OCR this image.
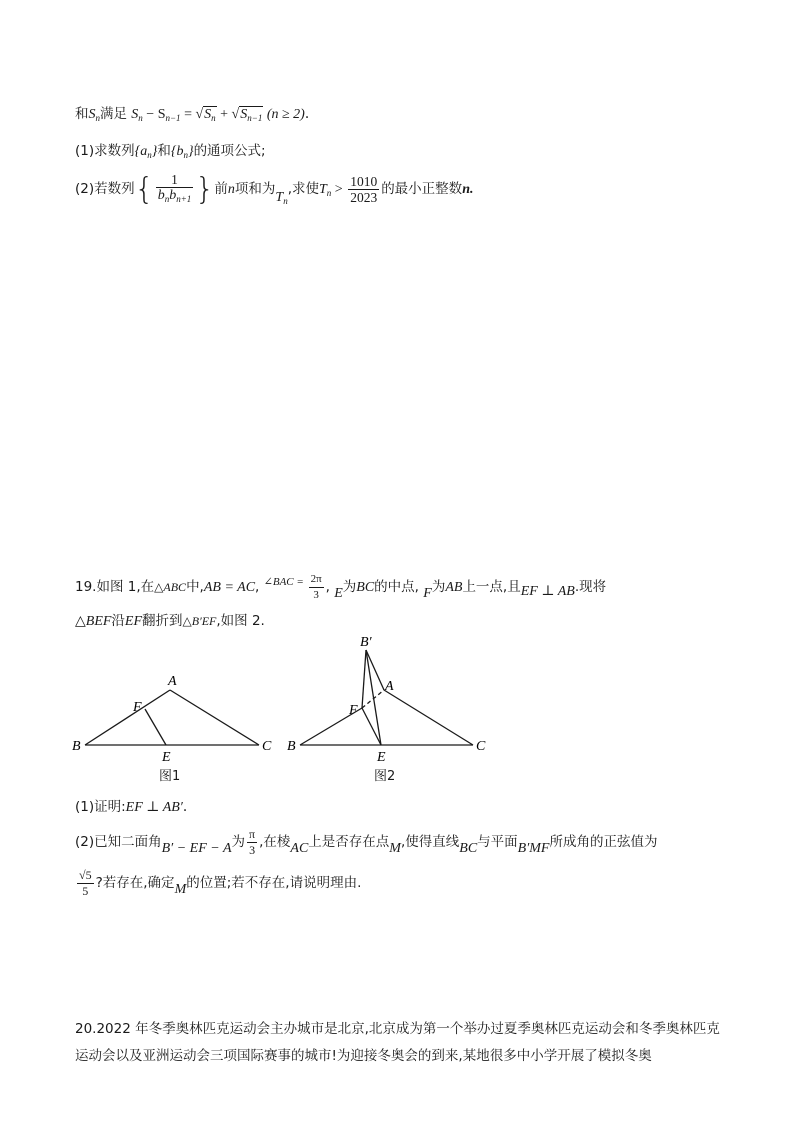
和$S_n$满足 $S_n - S_{n-1} = √S_n + √S_{n-1}$ (n ≥ 2).
(1)求数列$\{a_n\}$和$\{b_n\}$的通项公式;
(2)若数列{ $\frac{1}{b_nb_{n+1}}$ }前n项和为$T_n$,求使$T_n > \frac{1010}{2023}$ 的最小正整数n.
19.如图 1,在△ABC中,AB = AC, $^{\angle BAC =} \frac{2\pi}{3}$ , E为BC的中点, F为AB上一点,且EF ⊥ AB.现将
△BEF沿EF翻折到△B′EF,如图 2.
A
B	C
E
F
B′
A
B	C
E
F
图1	图2
(1)证明:EF ⊥ AB′.
(2)已知二面角B′ − EF − A为 $\frac{\pi}{3}$ ,在棱AC上是否存在点M,使得直线BC与平面B′MF所成角的正弦值为
$\frac{√5}{5}$ ?若存在,确定M的位置;若不存在,请说明理由.
20.2022 年冬季奥林匹克运动会主办城市是北京,北京成为第一个举办过夏季奥林匹克运动会和冬季奥林匹克运动会以及亚洲运动会三项国际赛事的城市!为迎接冬奥会的到来,某地很多中小学开展了模拟冬奥
